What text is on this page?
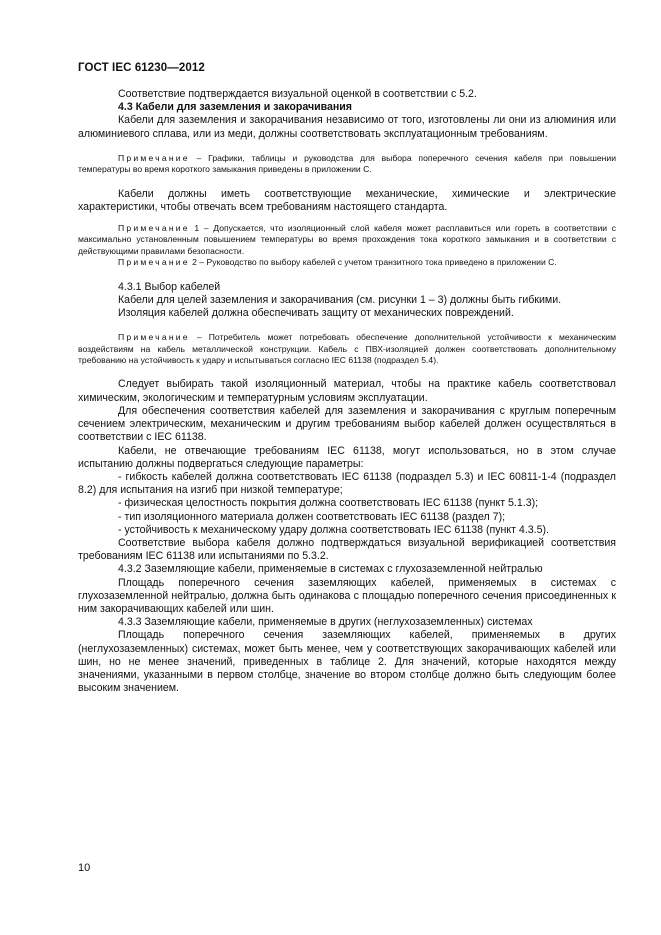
ГОСТ IEC 61230—2012

Соответствие подтверждается визуальной оценкой в соответствии с 5.2.

4.3 Кабели для заземления и закорачивания

Кабели для заземления и закорачивания независимо от того, изготовлены ли они из алюминия или алюминиевого сплава, или из меди, должны соответствовать эксплуатационным требованиям.

Примечание – Графики, таблицы и руководства для выбора поперечного сечения кабеля при повышении температуры во время короткого замыкания приведены в приложении С.

Кабели должны иметь соответствующие механические, химические и электрические характеристики, чтобы отвечать всем требованиям настоящего стандарта.

Примечание 1 – Допускается, что изоляционный слой кабеля может расплавиться или гореть в соответствии с максимально установленным повышением температуры во время прохождения тока короткого замыкания и в соответствии с действующими правилами безопасности.

Примечание 2 – Руководство по выбору кабелей с учетом транзитного тока приведено в приложении С.

4.3.1 Выбор кабелей

Кабели для целей заземления и закорачивания (см. рисунки 1 – 3) должны быть гибкими.

Изоляция кабелей должна обеспечивать защиту от механических повреждений.

Примечание – Потребитель может потребовать обеспечение дополнительной устойчивости к механическим воздействиям на кабель металлической конструкции. Кабель с ПВХ-изоляцией должен соответствовать дополнительному требованию на устойчивость к удару и испытываться согласно IEC 61138 (подраздел 5.4).

Следует выбирать такой изоляционный материал, чтобы на практике кабель соответствовал химическим, экологическим и температурным условиям эксплуатации.

Для обеспечения соответствия кабелей для заземления и закорачивания с круглым поперечным сечением электрическим, механическим и другим требованиям выбор кабелей должен осуществляться в соответствии с IEC 61138.

Кабели, не отвечающие требованиям IEC 61138, могут использоваться, но в этом случае испытанию должны подвергаться следующие параметры:

- гибкость кабелей должна соответствовать IEC 61138 (подраздел 5.3) и IEC 60811-1-4 (подраздел 8.2) для испытания на изгиб при низкой температуре;

- физическая целостность покрытия должна соответствовать IEC 61138 (пункт 5.1.3);

- тип изоляционного материала должен соответствовать IEC 61138 (раздел 7);

- устойчивость к механическому удару должна соответствовать IEC 61138 (пункт 4.3.5).

Соответствие выбора кабеля должно подтверждаться визуальной верификацией соответствия требованиям IEC 61138 или испытаниями по 5.3.2.

4.3.2 Заземляющие кабели, применяемые в системах с глухозаземленной нейтралью

Площадь поперечного сечения заземляющих кабелей, применяемых в системах с глухозаземленной нейтралью, должна быть одинакова с площадью поперечного сечения присоединенных к ним закорачивающих кабелей или шин.

4.3.3 Заземляющие кабели, применяемые в других (неглухозаземленных) системах

Площадь поперечного сечения заземляющих кабелей, применяемых в других (неглухозаземленных) системах, может быть менее, чем у соответствующих закорачивающих кабелей или шин, но не менее значений, приведенных в таблице 2. Для значений, которые находятся между значениями, указанными в первом столбце, значение во втором столбце должно быть следующим более высоким значением.

10
